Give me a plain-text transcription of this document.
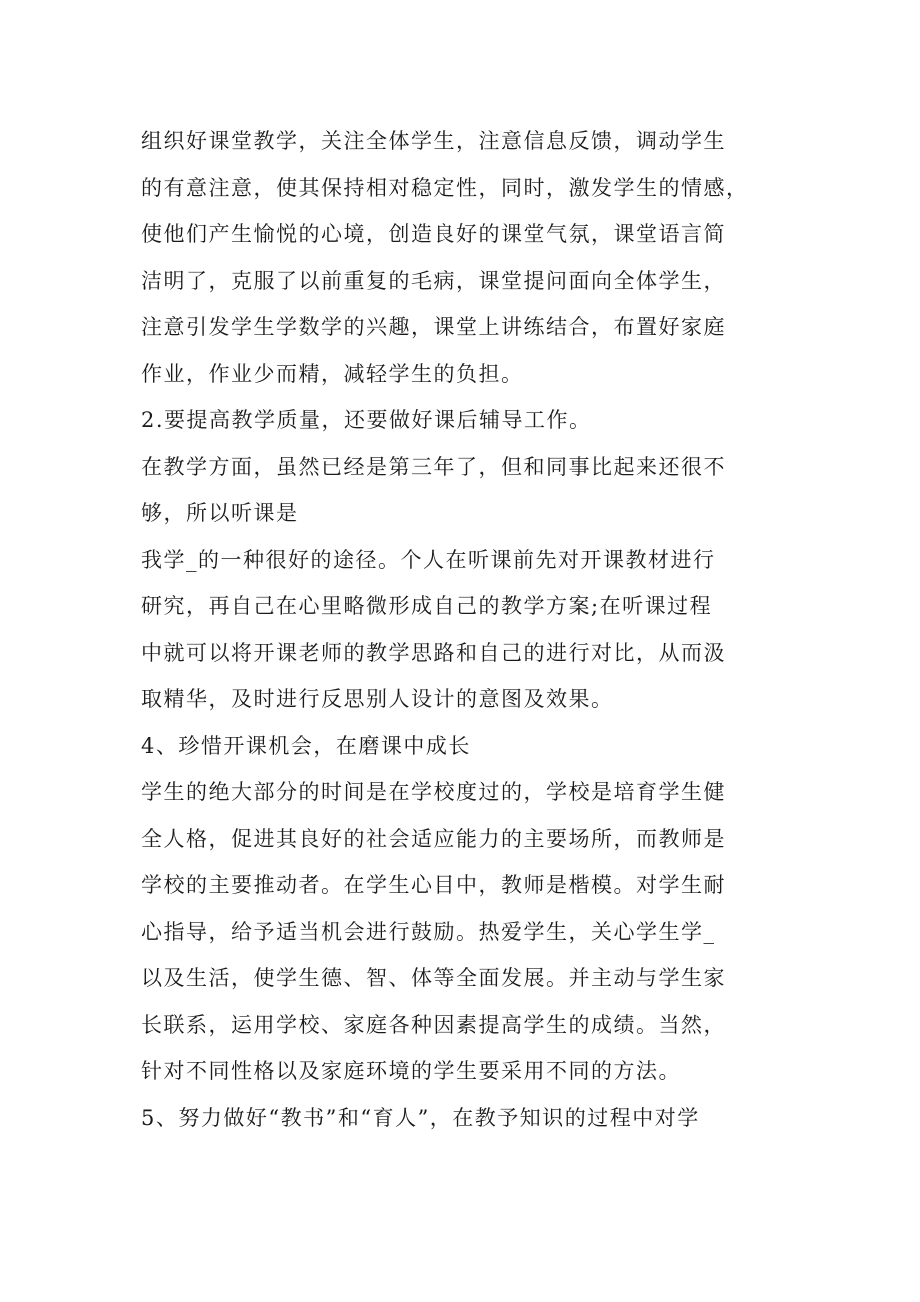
组织好课堂教学，关注全体学生，注意信息反馈，调动学生
的有意注意，使其保持相对稳定性，同时，激发学生的情感，
使他们产生愉悦的心境，创造良好的课堂气氛，课堂语言简
洁明了，克服了以前重复的毛病，课堂提问面向全体学生，
注意引发学生学数学的兴趣，课堂上讲练结合，布置好家庭
作业，作业少而精，减轻学生的负担。
2.要提高教学质量，还要做好课后辅导工作。
在教学方面，虽然已经是第三年了，但和同事比起来还很不
够，所以听课是
我学_的一种很好的途径。个人在听课前先对开课教材进行
研究，再自己在心里略微形成自己的教学方案;在听课过程
中就可以将开课老师的教学思路和自己的进行对比，从而汲
取精华，及时进行反思别人设计的意图及效果。
4、珍惜开课机会，在磨课中成长
学生的绝大部分的时间是在学校度过的，学校是培育学生健
全人格，促进其良好的社会适应能力的主要场所，而教师是
学校的主要推动者。在学生心目中，教师是楷模。对学生耐
心指导，给予适当机会进行鼓励。热爱学生，关心学生学_
以及生活，使学生德、智、体等全面发展。并主动与学生家
长联系，运用学校、家庭各种因素提高学生的成绩。当然，
针对不同性格以及家庭环境的学生要采用不同的方法。
5、努力做好“教书”和“育人”，在教予知识的过程中对学
